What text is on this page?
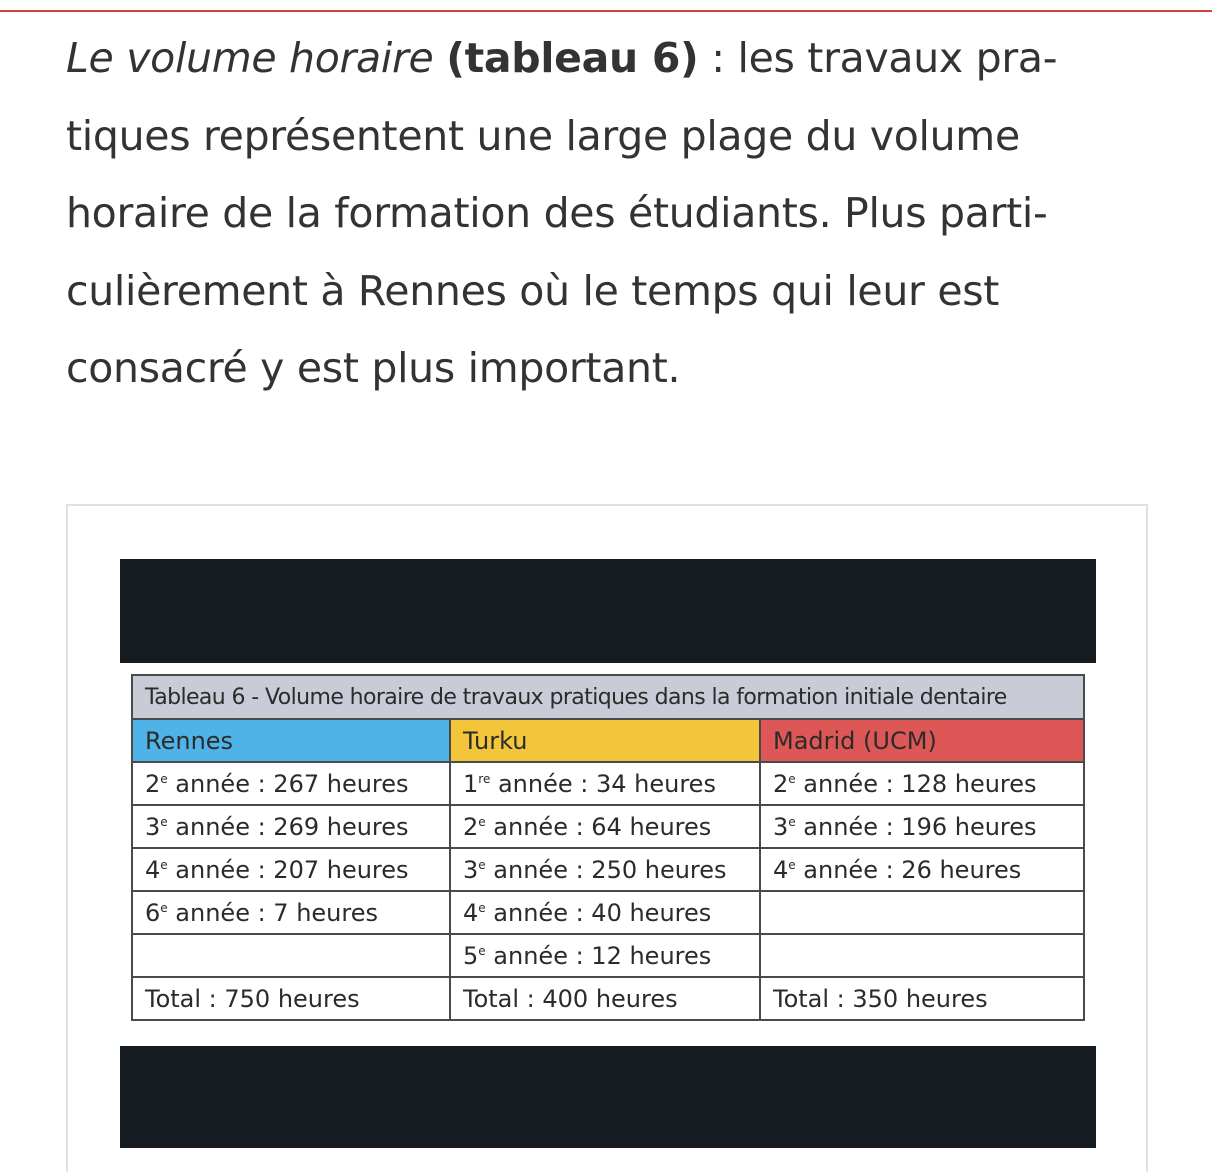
Le volume horaire (tableau 6) : les travaux pra-
tiques représentent une large plage du volume
horaire de la formation des étudiants. Plus parti-
culièrement à Rennes où le temps qui leur est
consacré y est plus important.

Tableau 6 - Volume horaire de travaux pratiques dans la formation initiale dentaire
Rennes	Turku	Madrid (UCM)
2e année : 267 heures	1re année : 34 heures	2e année : 128 heures
3e année : 269 heures	2e année : 64 heures	3e année : 196 heures
4e année : 207 heures	3e année : 250 heures	4e année : 26 heures
6e année : 7 heures	4e année : 40 heures	
	5e année : 12 heures	
Total : 750 heures	Total : 400 heures	Total : 350 heures
